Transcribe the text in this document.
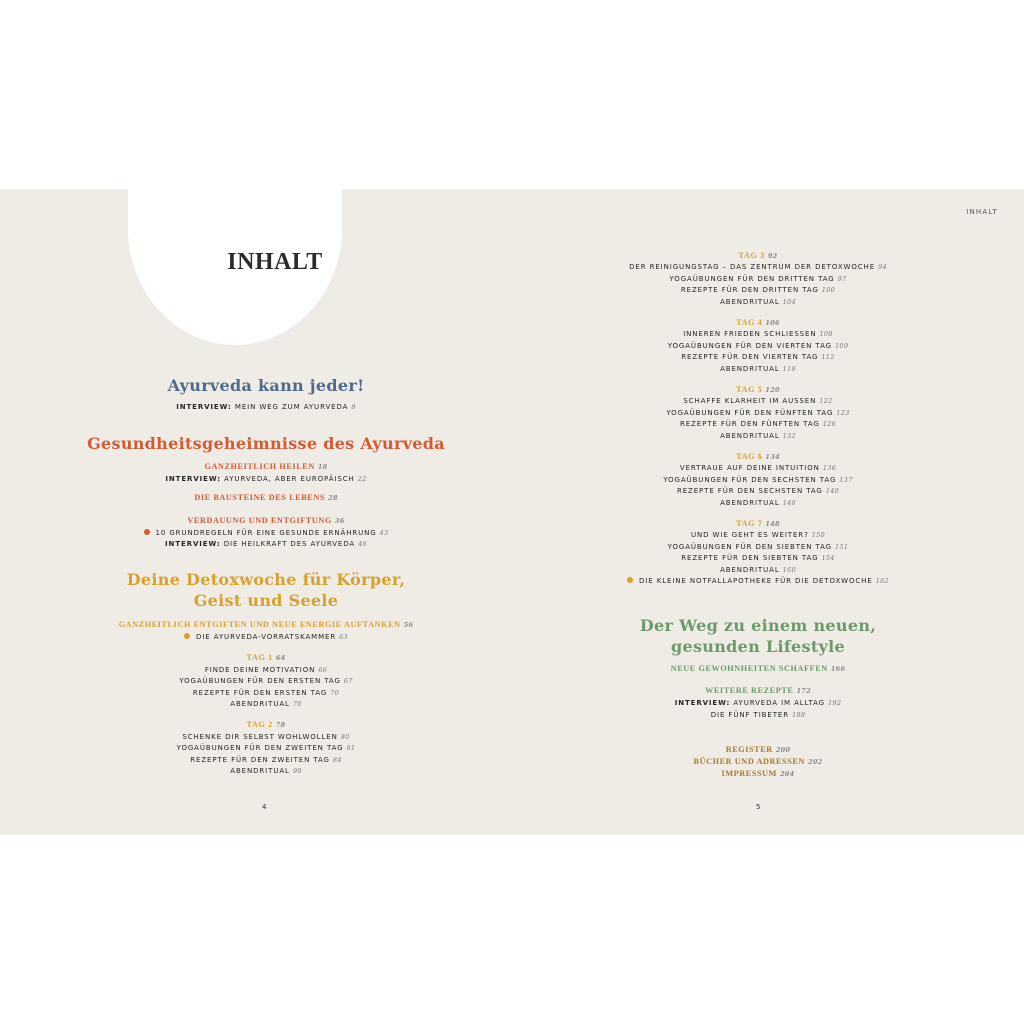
INHALT
INHALT
Ayurveda kann jeder!
INTERVIEW: MEIN WEG ZUM AYURVEDA 8
Gesundheitsgeheimnisse des Ayurveda
GANZHEITLICH HEILEN 18
INTERVIEW: AYURVEDA, ABER EUROPÄISCH 22
DIE BAUSTEINE DES LEBENS 28
VERDAUUNG UND ENTGIFTUNG 36
10 GRUNDREGELN FÜR EINE GESUNDE ERNÄHRUNG 43
INTERVIEW: DIE HEILKRAFT DES AYURVEDA 46
Deine Detoxwoche für Körper,
Geist und Seele
GANZHEITLICH ENTGIFTEN UND NEUE ENERGIE AUFTANKEN 56
DIE AYURVEDA-VORRATSKAMMER 63
TAG 1 64
FINDE DEINE MOTIVATION 66
YOGAÜBUNGEN FÜR DEN ERSTEN TAG 67
REZEPTE FÜR DEN ERSTEN TAG 70
ABENDRITUAL 76
TAG 2 78
SCHENKE DIR SELBST WOHLWOLLEN 80
YOGAÜBUNGEN FÜR DEN ZWEITEN TAG 81
REZEPTE FÜR DEN ZWEITEN TAG 84
ABENDRITUAL 90
4
TAG 3 92
DER REINIGUNGSTAG – DAS ZENTRUM DER DETOXWOCHE 94
YOGAÜBUNGEN FÜR DEN DRITTEN TAG 97
REZEPTE FÜR DEN DRITTEN TAG 100
ABENDRITUAL 104
TAG 4 106
INNEREN FRIEDEN SCHLIESSEN 108
YOGAÜBUNGEN FÜR DEN VIERTEN TAG 109
REZEPTE FÜR DEN VIERTEN TAG 112
ABENDRITUAL 118
TAG 5 120
SCHAFFE KLARHEIT IM AUSSEN 122
YOGAÜBUNGEN FÜR DEN FÜNFTEN TAG 123
REZEPTE FÜR DEN FÜNFTEN TAG 126
ABENDRITUAL 132
TAG 6 134
VERTRAUE AUF DEINE INTUITION 136
YOGAÜBUNGEN FÜR DEN SECHSTEN TAG 137
REZEPTE FÜR DEN SECHSTEN TAG 140
ABENDRITUAL 146
TAG 7 148
UND WIE GEHT ES WEITER? 150
YOGAÜBUNGEN FÜR DEN SIEBTEN TAG 151
REZEPTE FÜR DEN SIEBTEN TAG 154
ABENDRITUAL 160
DIE KLEINE NOTFALLAPOTHEKE FÜR DIE DETOXWOCHE 162
Der Weg zu einem neuen,
gesunden Lifestyle
NEUE GEWOHNHEITEN SCHAFFEN 166
WEITERE REZEPTE 172
INTERVIEW: AYURVEDA IM ALLTAG 192
DIE FÜNF TIBETER 198
REGISTER 200
BÜCHER UND ADRESSEN 202
IMPRESSUM 204
5
